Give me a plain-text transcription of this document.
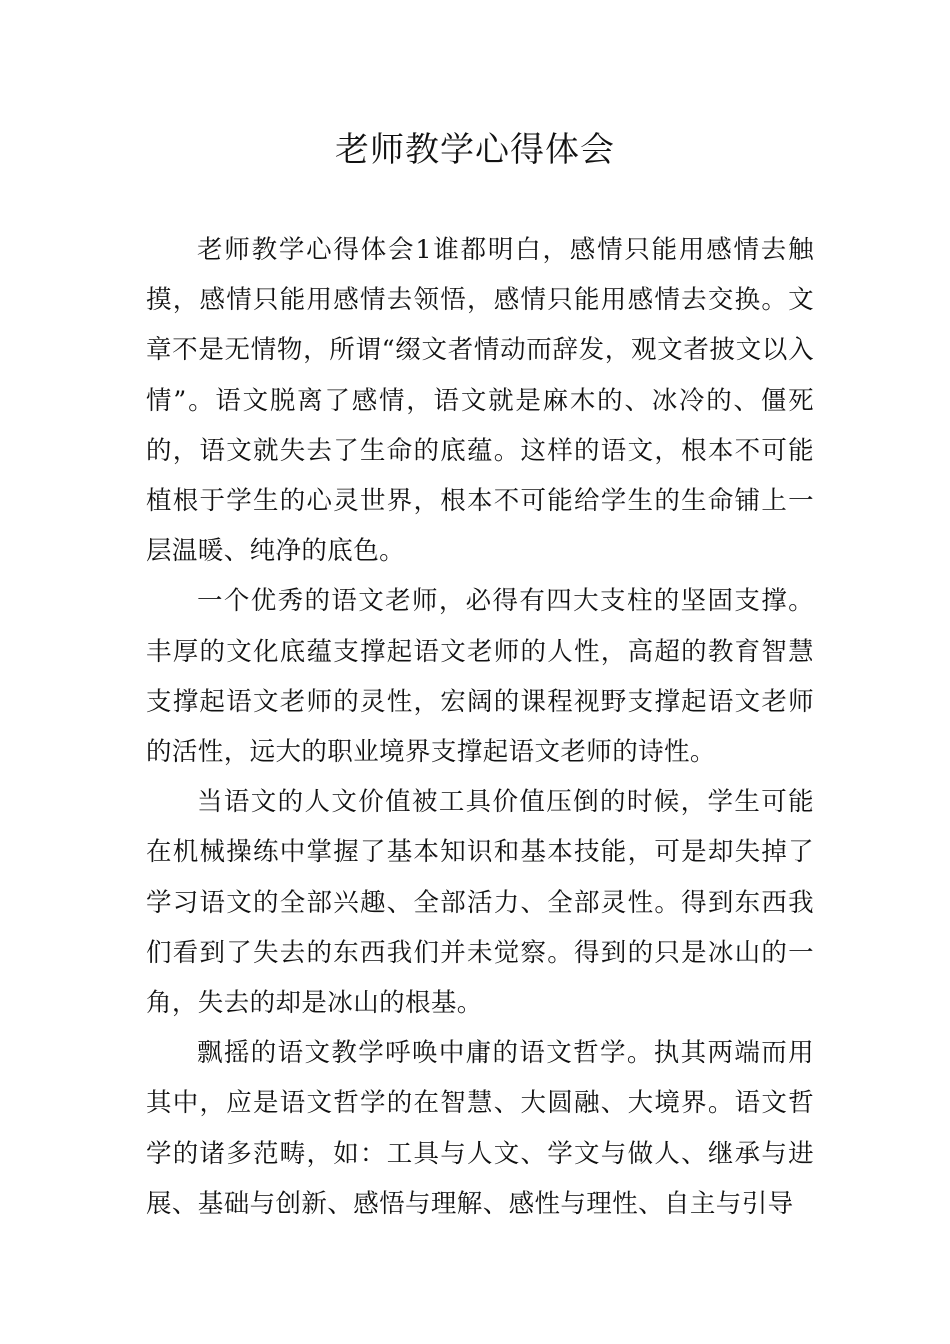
老师教学心得体会

老师教学心得体会1谁都明白，感情只能用感情去触摸，感情只能用感情去领悟，感情只能用感情去交换。文章不是无情物，所谓“缀文者情动而辞发，观文者披文以入情”。语文脱离了感情，语文就是麻木的、冰冷的、僵死的，语文就失去了生命的底蕴。这样的语文，根本不可能植根于学生的心灵世界，根本不可能给学生的生命铺上一层温暖、纯净的底色。

一个优秀的语文老师，必得有四大支柱的坚固支撑。丰厚的文化底蕴支撑起语文老师的人性，高超的教育智慧支撑起语文老师的灵性，宏阔的课程视野支撑起语文老师的活性，远大的职业境界支撑起语文老师的诗性。

当语文的人文价值被工具价值压倒的时候，学生可能在机械操练中掌握了基本知识和基本技能，可是却失掉了学习语文的全部兴趣、全部活力、全部灵性。得到东西我们看到了失去的东西我们并未觉察。得到的只是冰山的一角，失去的却是冰山的根基。

飘摇的语文教学呼唤中庸的语文哲学。执其两端而用其中，应是语文哲学的在智慧、大圆融、大境界。语文哲学的诸多范畴，如：工具与人文、学文与做人、继承与进展、基础与创新、感悟与理解、感性与理性、自主与引导
